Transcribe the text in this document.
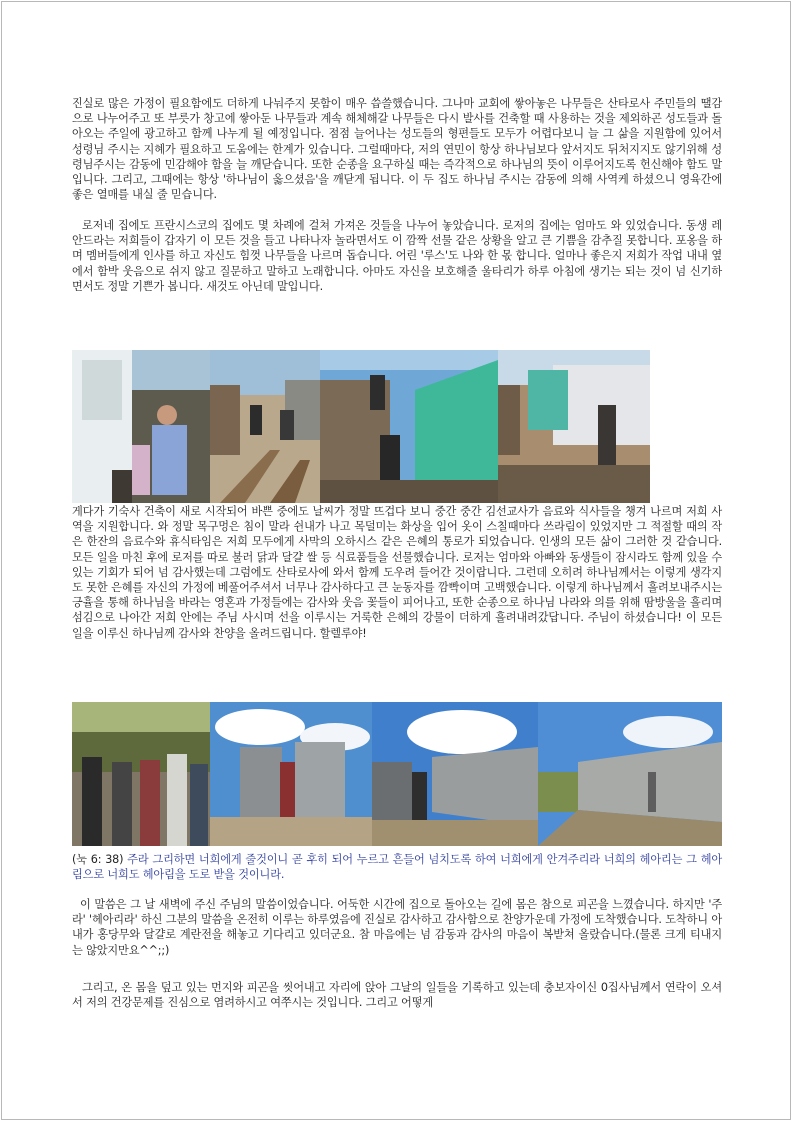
진실로 많은 가정이 필요함에도 더하게 나눠주지 못함이 매우 씁쓸했습니다. 그나마 교회에 쌓아놓은 나무들은 산타로사 주민들의 땔감으로 나누어주고 또 부릇가 창고에 쌓아둔 나무들과 계속 해체해갈 나무들은 다시 발사를 건축할 때 사용하는 것을 제외하곤 성도들과 돌아오는 주일에 광고하고 함께 나누게 될 예정입니다. 점점 늘어나는 성도들의 형편들도 모두가 어렵다보니 늘 그 삶을 지원함에 있어서 성령님 주시는 지혜가 필요하고 도움에는 한계가 있습니다. 그럴때마다, 저의 연민이 항상 하나님보다 앞서지도 뒤처지지도 않기위해 성령님주시는 감동에 민감해야 함을 늘 깨닫습니다. 또한 순종을 요구하실 때는 즉각적으로 하나님의 뜻이 이루어지도록 헌신해야 함도 말입니다. 그리고, 그때에는 항상 '하나님이 옳으셨음'을 깨닫게 됩니다. 이 두 집도 하나님 주시는 감동에 의해 사역케 하셨으니 영육간에 좋은 열매를 내실 줄 믿습니다.

로저네 집에도 프란시스코의 집에도 몇 차례에 걸쳐 가져온 것들을 나누어 놓았습니다. 로저의 집에는 엄마도 와 있었습니다. 동생 레안드라는 저희들이 갑자기 이 모든 것을 들고 나타나자 놀라면서도 이 깜짝 선물 같은 상황을 알고 큰 기쁨을 감추질 못합니다. 포옹을 하며 멤버들에게 인사를 하고 자신도 힘껏 나무들을 나르며 돕습니다. 어린 '루스'도 나와 한 몫 합니다. 얼마나 좋은지 저희가 작업 내내 옆에서 함박 웃음으로 쉬지 않고 질문하고 말하고 노래합니다. 아마도 자신을 보호해줄 울타리가 하루 아침에 생기는 되는 것이 넘 신기하면서도 정말 기쁜가 봅니다. 새것도 아닌데 말입니다.

게다가 기숙사 건축이 새로 시작되어 바쁜 중에도 날씨가 정말 뜨겁다 보니 중간 중간 김선교사가 음료와 식사들을 챙겨 나르며 저희 사역을 지원합니다. 와 정말 목구멍은 침이 말라 쉰내가 나고 목덜미는 화상을 입어 옷이 스칠때마다 쓰라림이 있었지만 그 적절할 때의 작은 한잔의 음료수와 휴식타임은 저희 모두에게 사막의 오하시스 같은 은혜의 통로가 되었습니다. 인생의 모든 삶이 그러한 것 같습니다. 모든 일을 마친 후에 로저를 따로 불러 닭과 달걀 쌀 등 식료품들을 선물했습니다. 로저는 엄마와 아빠와 동생들이 잠시라도 함께 있을 수 있는 기회가 되어 넘 감사했는데 그럼에도 산타로사에 와서 함께 도우려 들어간 것이랍니다. 그런데 오히려 하나님께서는 이렇게 생각지도 못한 은혜를 자신의 가정에 베풀어주셔서 너무나 감사하다고 큰 눈동자를 깜빡이며 고백했습니다. 이렇게 하나님께서 흘려보내주시는 긍휼을 통해 하나님을 바라는 영혼과 가정들에는 감사와 웃음 꽃들이 피어나고, 또한 순종으로 하나님 나라와 의를 위해 땀방울을 흘리며 섬김으로 나아간 저희 안에는 주님 사시며 선을 이루시는 거룩한 은혜의 강물이 더하게 흘려내려갔답니다. 주님이 하셨습니다! 이 모든 일을 이루신 하나님께 감사와 찬양을 올려드립니다. 할렐루야!

(눅 6: 38) 주라 그리하면 너희에게 줄것이니 곧 후히 되어 누르고 흔들어 넘치도록 하여 너희에게 안겨주리라 너희의 헤아리는 그 헤아림으로 너희도 헤아림을 도로 받을 것이니라.

이 말씀은 그 날 새벽에 주신 주님의 말씀이었습니다. 어둑한 시간에 집으로 돌아오는 길에 몸은 참으로 피곤을 느꼈습니다. 하지만 '주라' '헤아리라' 하신 그분의 말씀을 온전히 이루는 하루였음에 진실로 감사하고 감사함으로 찬양가운데 가정에 도착했습니다. 도착하니 아내가 홍당무와 달걀로 계란전을 해놓고 기다리고 있더군요. 참 마음에는 넘 감동과 감사의 마음이 복받쳐 올랐습니다.(물론 크게 티내지는 않았지만요^^;;)

그리고, 온 몸을 덮고 있는 먼지와 피곤을 씻어내고 자리에 앉아 그날의 일들을 기록하고 있는데 충보자이신 0집사님께서 연락이 오셔서 저의 건강문제를 진심으로 염려하시고 여쭈시는 것입니다. 그리고 어떻게
